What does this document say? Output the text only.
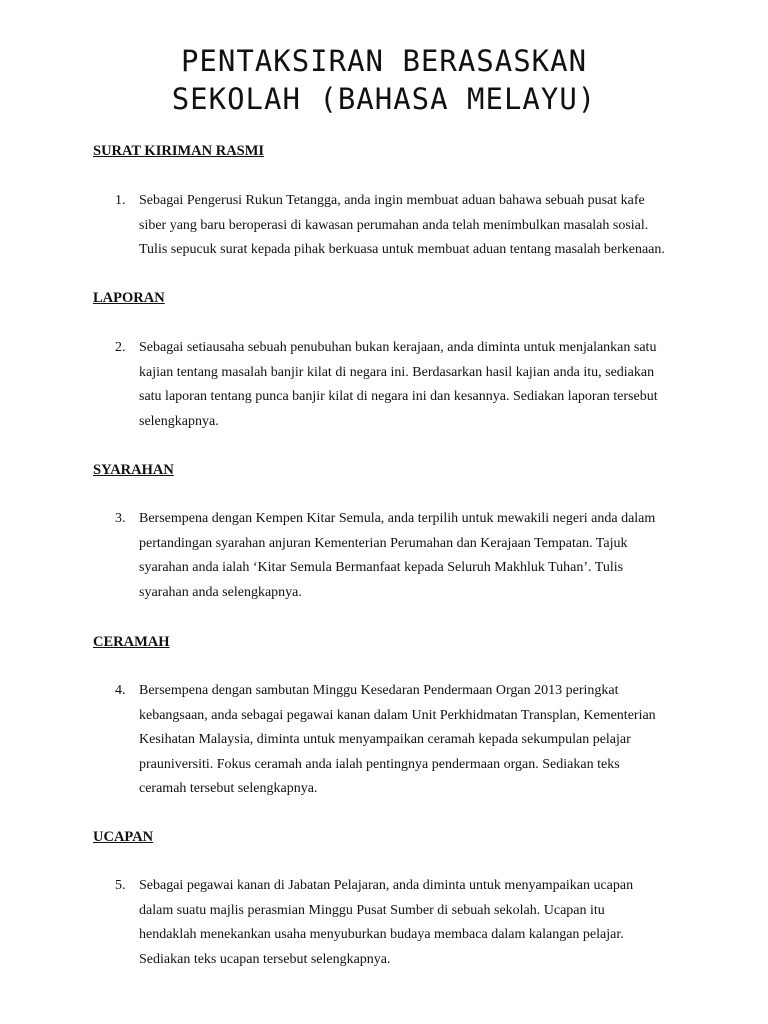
PENTAKSIRAN BERASASKAN
SEKOLAH (BAHASA MELAYU)
SURAT KIRIMAN RASMI
1. Sebagai Pengerusi Rukun Tetangga, anda ingin membuat aduan bahawa sebuah pusat kafe
siber yang baru beroperasi di kawasan perumahan anda telah menimbulkan masalah sosial.
Tulis sepucuk surat kepada pihak berkuasa untuk membuat aduan tentang masalah berkenaan.
LAPORAN
2. Sebagai setiausaha sebuah penubuhan bukan kerajaan, anda diminta untuk menjalankan satu
kajian tentang masalah banjir kilat di negara ini. Berdasarkan hasil kajian anda itu, sediakan
satu laporan tentang punca banjir kilat di negara ini dan kesannya. Sediakan laporan tersebut
selengkapnya.
SYARAHAN
3. Bersempena dengan Kempen Kitar Semula, anda terpilih untuk mewakili negeri anda dalam
pertandingan syarahan anjuran Kementerian Perumahan dan Kerajaan Tempatan. Tajuk
syarahan anda ialah ‘Kitar Semula Bermanfaat kepada Seluruh Makhluk Tuhan’. Tulis
syarahan anda selengkapnya.
CERAMAH
4. Bersempena dengan sambutan Minggu Kesedaran Pendermaan Organ 2013 peringkat
kebangsaan, anda sebagai pegawai kanan dalam Unit Perkhidmatan Transplan, Kementerian
Kesihatan Malaysia, diminta untuk menyampaikan ceramah kepada sekumpulan pelajar
prauniversiti. Fokus ceramah anda ialah pentingnya pendermaan organ. Sediakan teks
ceramah tersebut selengkapnya.
UCAPAN
5. Sebagai pegawai kanan di Jabatan Pelajaran, anda diminta untuk menyampaikan ucapan
dalam suatu majlis perasmian Minggu Pusat Sumber di sebuah sekolah. Ucapan itu
hendaklah menekankan usaha menyuburkan budaya membaca dalam kalangan pelajar.
Sediakan teks ucapan tersebut selengkapnya.
